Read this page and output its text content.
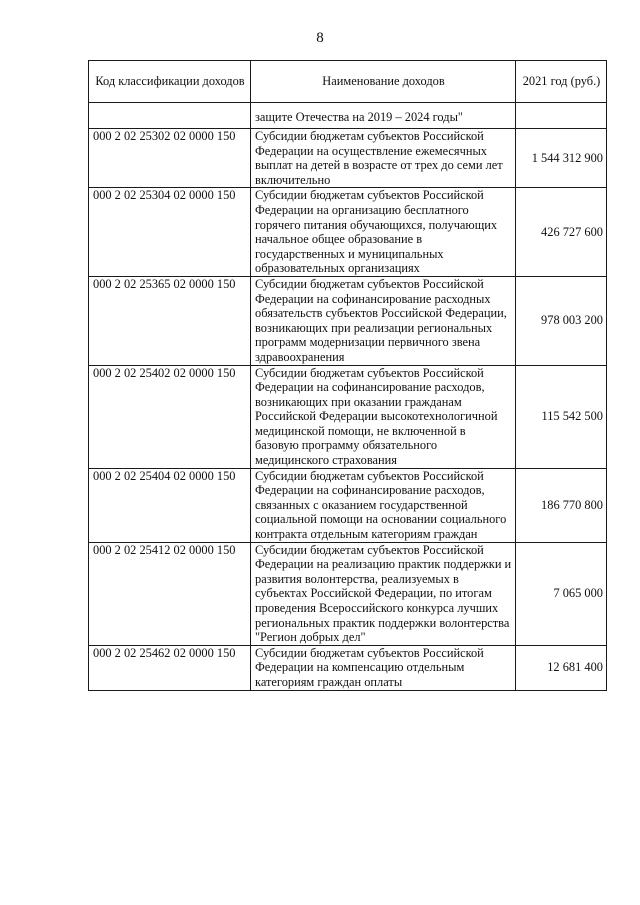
8
Код классификации доходов	Наименование доходов	2021 год (руб.)
	защите Отечества на 2019 – 2024 годы"	
000 2 02 25302 02 0000 150	Субсидии бюджетам субъектов Российской Федерации на осуществление ежемесячных выплат на детей в возрасте от трех до семи лет включительно	1 544 312 900
000 2 02 25304 02 0000 150	Субсидии бюджетам субъектов Российской Федерации на организацию бесплатного горячего питания обучающихся, получающих начальное общее образование в государственных и муниципальных образовательных организациях	426 727 600
000 2 02 25365 02 0000 150	Субсидии бюджетам субъектов Российской Федерации на софинансирование расходных обязательств субъектов Российской Федерации, возникающих при реализации региональных программ модернизации первичного звена здравоохранения	978 003 200
000 2 02 25402 02 0000 150	Субсидии бюджетам субъектов Российской Федерации на софинансирование расходов, возникающих при оказании гражданам Российской Федерации высокотехнологичной медицинской помощи, не включенной в базовую программу обязательного медицинского страхования	115 542 500
000 2 02 25404 02 0000 150	Субсидии бюджетам субъектов Российской Федерации на софинансирование расходов, связанных с оказанием государственной социальной помощи на основании социального контракта отдельным категориям граждан	186 770 800
000 2 02 25412 02 0000 150	Субсидии бюджетам субъектов Российской Федерации на реализацию практик поддержки и развития волонтерства, реализуемых в субъектах Российской Федерации, по итогам проведения Всероссийского конкурса лучших региональных практик поддержки волонтерства "Регион добрых дел"	7 065 000
000 2 02 25462 02 0000 150	Субсидии бюджетам субъектов Российской Федерации на компенсацию отдельным категориям граждан оплаты	12 681 400
